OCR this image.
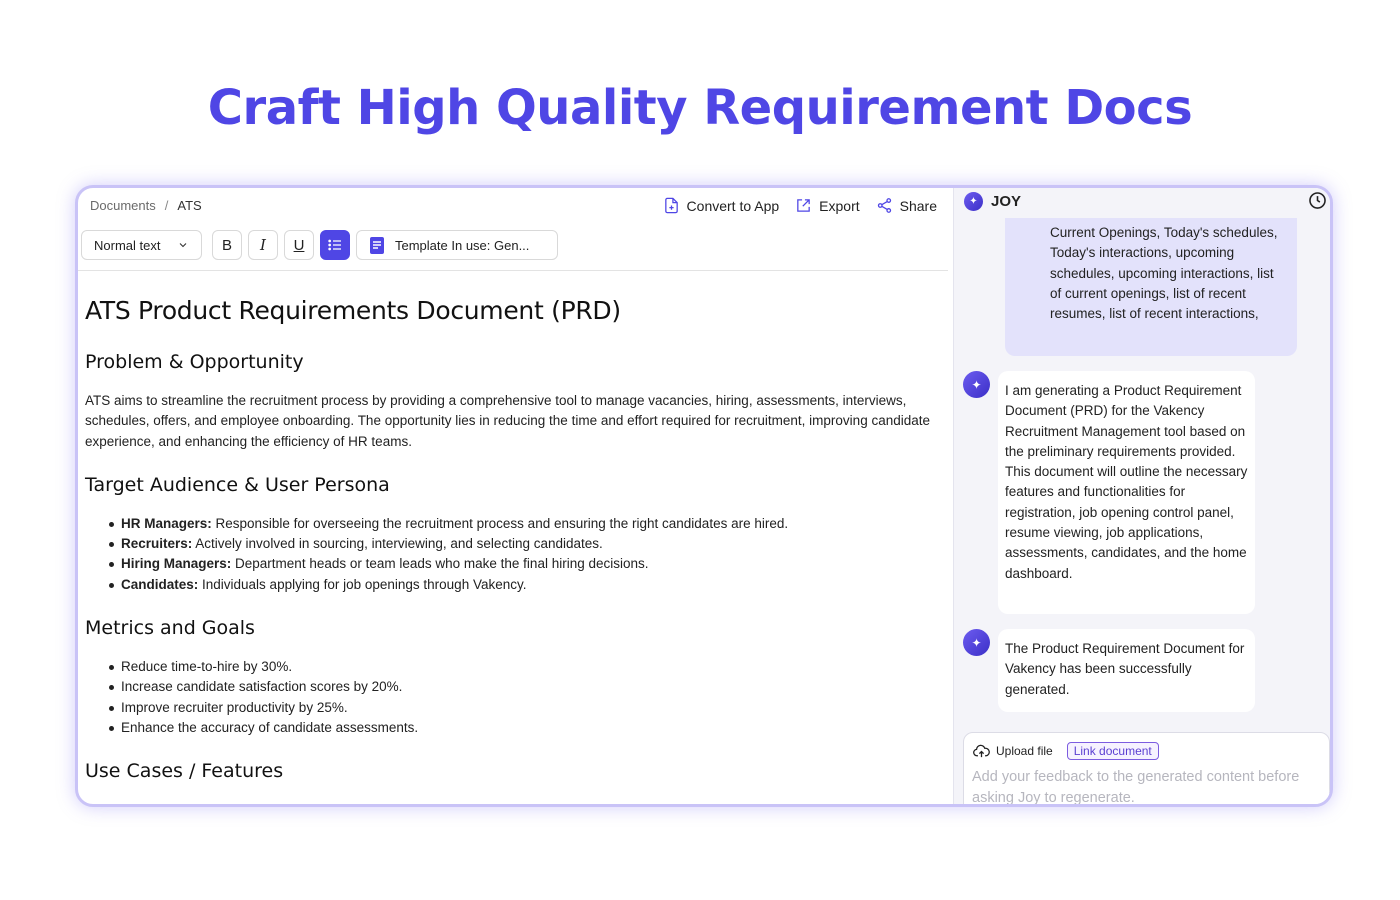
Craft High Quality Requirement Docs
Documents / ATS	Convert to App	Export	Share
Normal text	B I U	Template In use: Gen...
ATS Product Requirements Document (PRD)
Problem & Opportunity

ATS aims to streamline the recruitment process by providing a comprehensive tool to manage vacancies, hiring, assessments, interviews, schedules, offers, and employee onboarding. The opportunity lies in reducing the time and effort required for recruitment, improving candidate experience, and enhancing the efficiency of HR teams.

Target Audience & User Persona
HR Managers: Responsible for overseeing the recruitment process and ensuring the right candidates are hired.
Recruiters: Actively involved in sourcing, interviewing, and selecting candidates.
Hiring Managers: Department heads or team leads who make the final hiring decisions.
Candidates: Individuals applying for job openings through Vakency.
Metrics and Goals
Reduce time-to-hire by 30%.
Increase candidate satisfaction scores by 20%.
Improve recruiter productivity by 25%.
Enhance the accuracy of candidate assessments.
Use Cases / Features
✦ JOY
Current Openings, Today's schedules, Today's interactions, upcoming schedules, upcoming interactions, list of current openings, list of recent resumes, list of recent interactions,
✦	I am generating a Product Requirement Document (PRD) for the Vakency Recruitment Management tool based on the preliminary requirements provided. This document will outline the necessary features and functionalities for registration, job opening control panel, resume viewing, job applications, assessments, candidates, and the home dashboard.
✦	The Product Requirement Document for Vakency has been successfully generated.
Upload file	Link document
Add your feedback to the generated content before asking Joy to regenerate.
